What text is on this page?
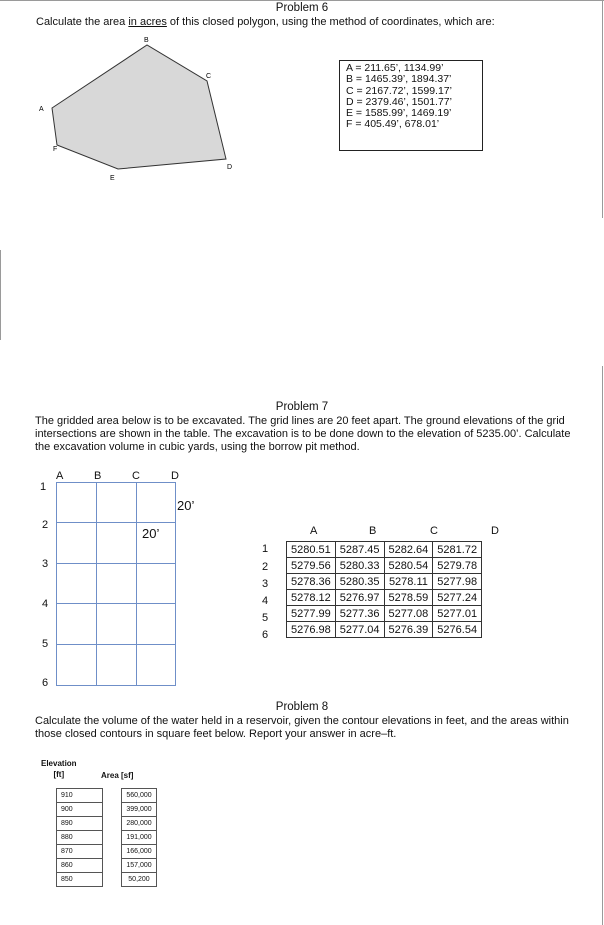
Problem 6
Calculate the area in acres of this closed polygon, using the method of coordinates, which are:
A
B
C
D
E
F
A = 211.65’, 1134.99’
B = 1465.39’, 1894.37’
C = 2167.72’, 1599.17’
D = 2379.46’, 1501.77’
E = 1585.99’, 1469.19’
F = 405.49’, 678.01’
Problem 7
The gridded area below is to be excavated. The grid lines are 20 feet apart. The ground elevations of the grid intersections are shown in the table. The excavation is to be done down to the elevation of 5235.00’. Calculate the excavation volume in cubic yards, using the borrow pit method.
A	B	C	D
1
2
3
4
5
6
20’
20’	A	B	C	D
1
2
3
4
5
6
5280.51	5287.45	5282.64	5281.72
5279.56	5280.33	5280.54	5279.78
5278.36	5280.35	5278.11	5277.98
5278.12	5276.97	5278.59	5277.24
5277.99	5277.36	5277.08	5277.01
5276.98	5277.04	5276.39	5276.54
Problem 8
Calculate the volume of the water held in a reservoir, given the contour elevations in feet, and the areas within those closed contours in square feet below. Report your answer in acre–ft.
Elevation
[ft]	Area [sf]
910		560,000
900		399,000
890		280,000
880		191,000
870		166,000
860		157,000
850		50,200
